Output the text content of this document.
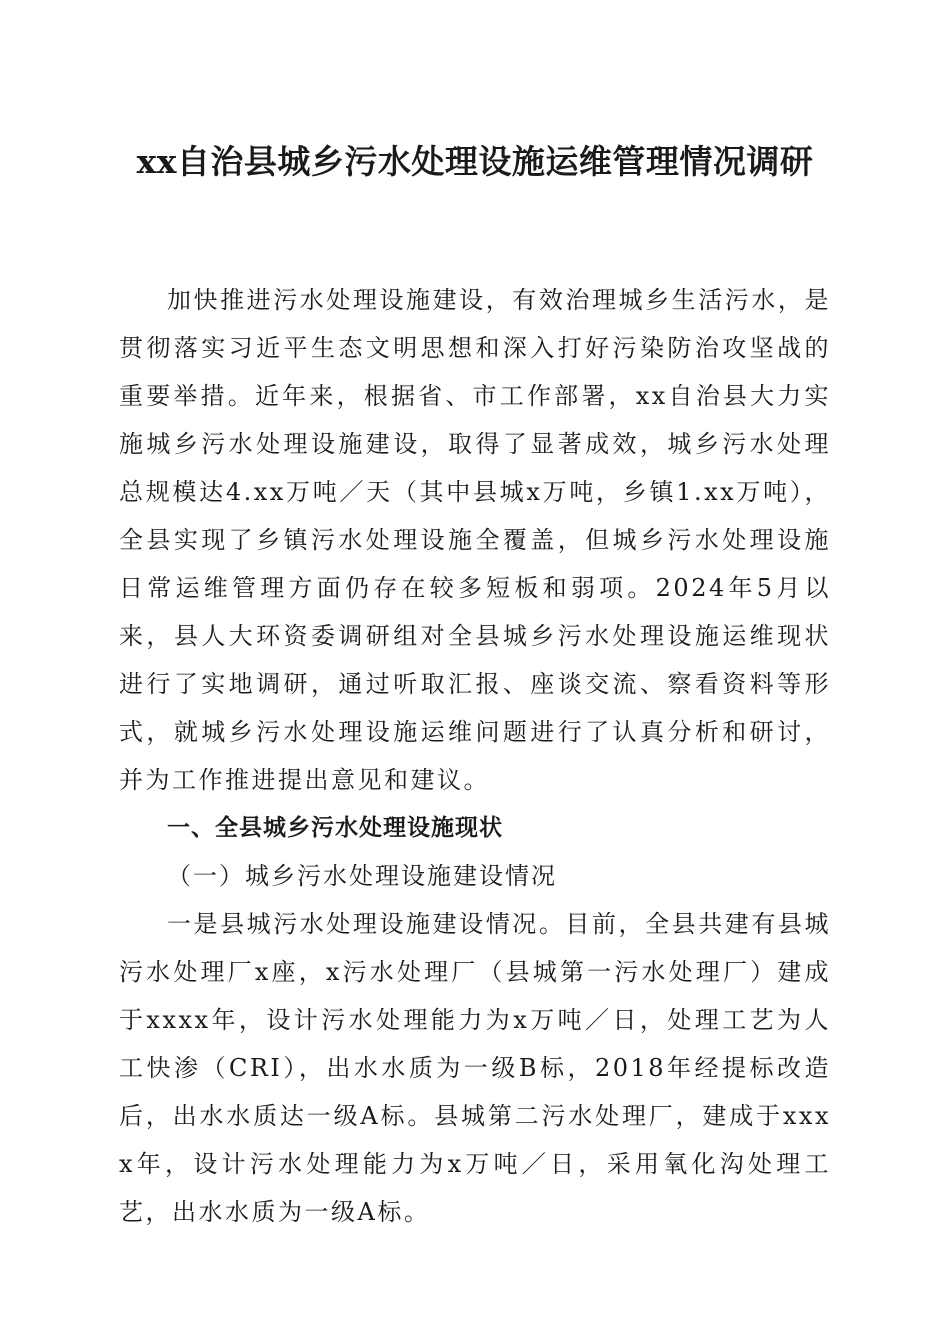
xx自治县城乡污水处理设施运维管理情况调研

加快推进污水处理设施建设，有效治理城乡生活污水，是贯彻落实习近平生态文明思想和深入打好污染防治攻坚战的重要举措。近年来，根据省、市工作部署，xx自治县大力实施城乡污水处理设施建设，取得了显著成效，城乡污水处理总规模达4.xx万吨／天（其中县城x万吨，乡镇1.xx万吨），全县实现了乡镇污水处理设施全覆盖，但城乡污水处理设施日常运维管理方面仍存在较多短板和弱项。2024年5月以来，县人大环资委调研组对全县城乡污水处理设施运维现状进行了实地调研，通过听取汇报、座谈交流、察看资料等形式，就城乡污水处理设施运维问题进行了认真分析和研讨，并为工作推进提出意见和建议。

一、全县城乡污水处理设施现状

（一）城乡污水处理设施建设情况

一是县城污水处理设施建设情况。目前，全县共建有县城污水处理厂x座，x污水处理厂（县城第一污水处理厂）建成于xxxx年，设计污水处理能力为x万吨／日，处理工艺为人工快渗（CRI），出水水质为一级B标，2018年经提标改造后，出水水质达一级A标。县城第二污水处理厂，建成于xxxx年，设计污水处理能力为x万吨／日，采用氧化沟处理工艺，出水水质为一级A标。
